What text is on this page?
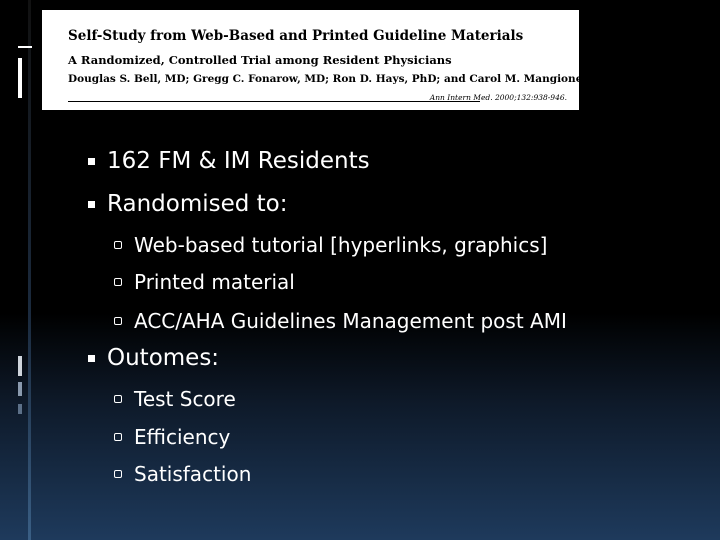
Self-Study from Web-Based and Printed Guideline Materials
A Randomized, Controlled Trial among Resident Physicians
Douglas S. Bell, MD; Gregg C. Fonarow, MD; Ron D. Hays, PhD; and Carol M. Mangione, MD, MSPH
Ann Intern Med. 2000;132:938-946.
162 FM & IM Residents
Randomised to:
Web-based tutorial [hyperlinks, graphics]
Printed material
ACC/AHA Guidelines Management post AMI
Outomes:
Test Score
Efficiency
Satisfaction
